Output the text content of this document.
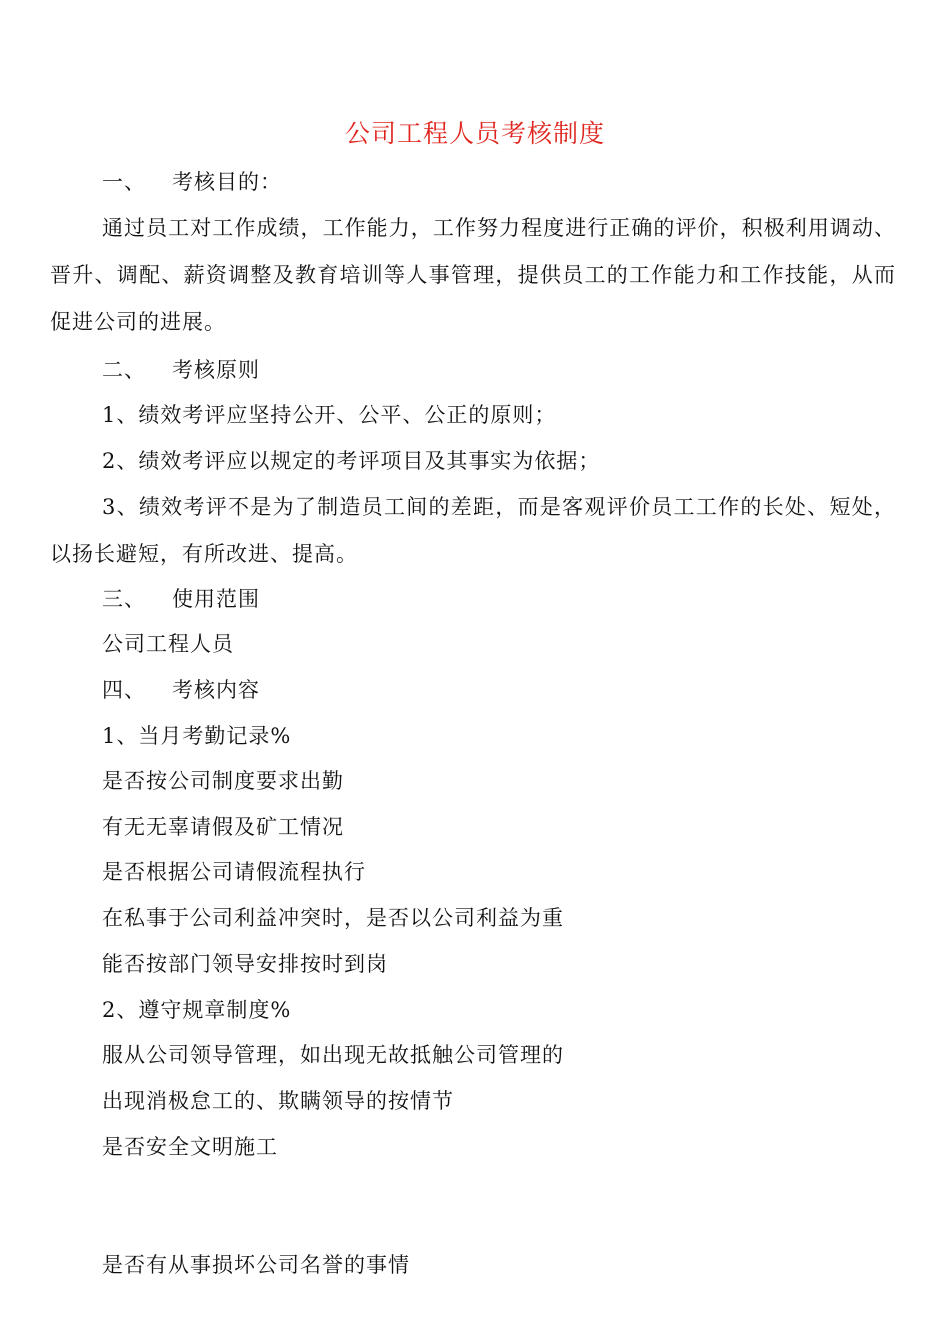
公司工程人员考核制度
一、 考核目的：

通过员工对工作成绩，工作能力，工作努力程度进行正确的评价，积极利用调动、晋升、调配、薪资调整及教育培训等人事管理，提供员工的工作能力和工作技能，从而促进公司的进展。

二、 考核原则
1、绩效考评应坚持公开、公平、公正的原则；
2、绩效考评应以规定的考评项目及其事实为依据；

3、绩效考评不是为了制造员工间的差距，而是客观评价员工工作的长处、短处，以扬长避短，有所改进、提高。

三、 使用范围
公司工程人员
四、 考核内容
1、当月考勤记录%
是否按公司制度要求出勤
有无无辜请假及矿工情况
是否根据公司请假流程执行
在私事于公司利益冲突时，是否以公司利益为重
能否按部门领导安排按时到岗
2、遵守规章制度%
服从公司领导管理，如出现无故抵触公司管理的
出现消极怠工的、欺瞒领导的按情节
是否安全文明施工
是否有从事损坏公司名誉的事情
